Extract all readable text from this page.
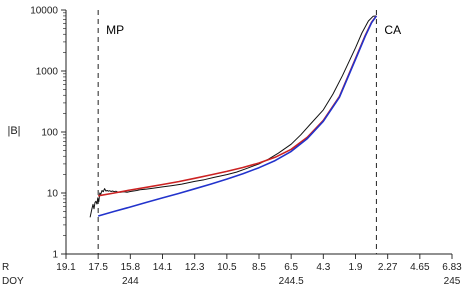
|B|
1
10
100
1000
10000
R	19.1 17.5 15.8 14.1 12.3 10.5 8.5 6.5 4.3 1.9 2.27 4.65 6.83
DOY	244	244.5	245
MP	CA
